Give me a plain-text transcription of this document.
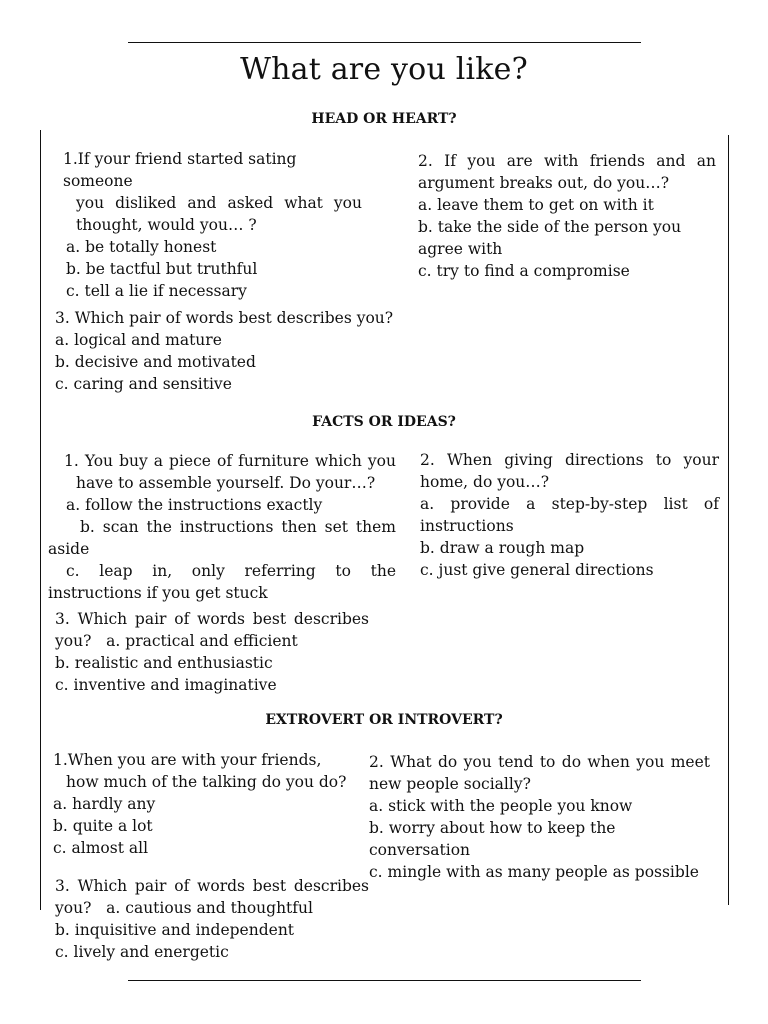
What are you like?
HEAD OR HEART?

1.If your friend started sating someone

you disliked and asked what you

thought, would you… ?

a. be totally honest

b. be tactful but truthful

c. tell a lie if necessary

2. If you are with friends and an argument breaks out, do you…?

a. leave them to get on with it

b. take the side of the person you agree with

c. try to find a compromise

3. Which pair of words best describes you?

a. logical and mature

b. decisive and motivated

c. caring and sensitive

FACTS OR IDEAS?

1. You buy a piece of furniture which you have to assemble yourself. Do your…?

a. follow the instructions exactly

b. scan the instructions then set them aside

c. leap in, only referring to the instructions if you get stuck

2. When giving directions to your home, do you…?

a. provide a step-by-step list of instructions

b. draw a rough map

c. just give general directions

3. Which pair of words best describes you? a. practical and efficient

b. realistic and enthusiastic

c. inventive and imaginative

EXTROVERT OR INTROVERT?

1.When you are with your friends, how much of the talking do you do?

a. hardly any

b. quite a lot

c. almost all

2. What do you tend to do when you meet new people socially?

a. stick with the people you know

b. worry about how to keep the conversation

c. mingle with as many people as possible

3. Which pair of words best describes you? a. cautious and thoughtful

b. inquisitive and independent

c. lively and energetic
